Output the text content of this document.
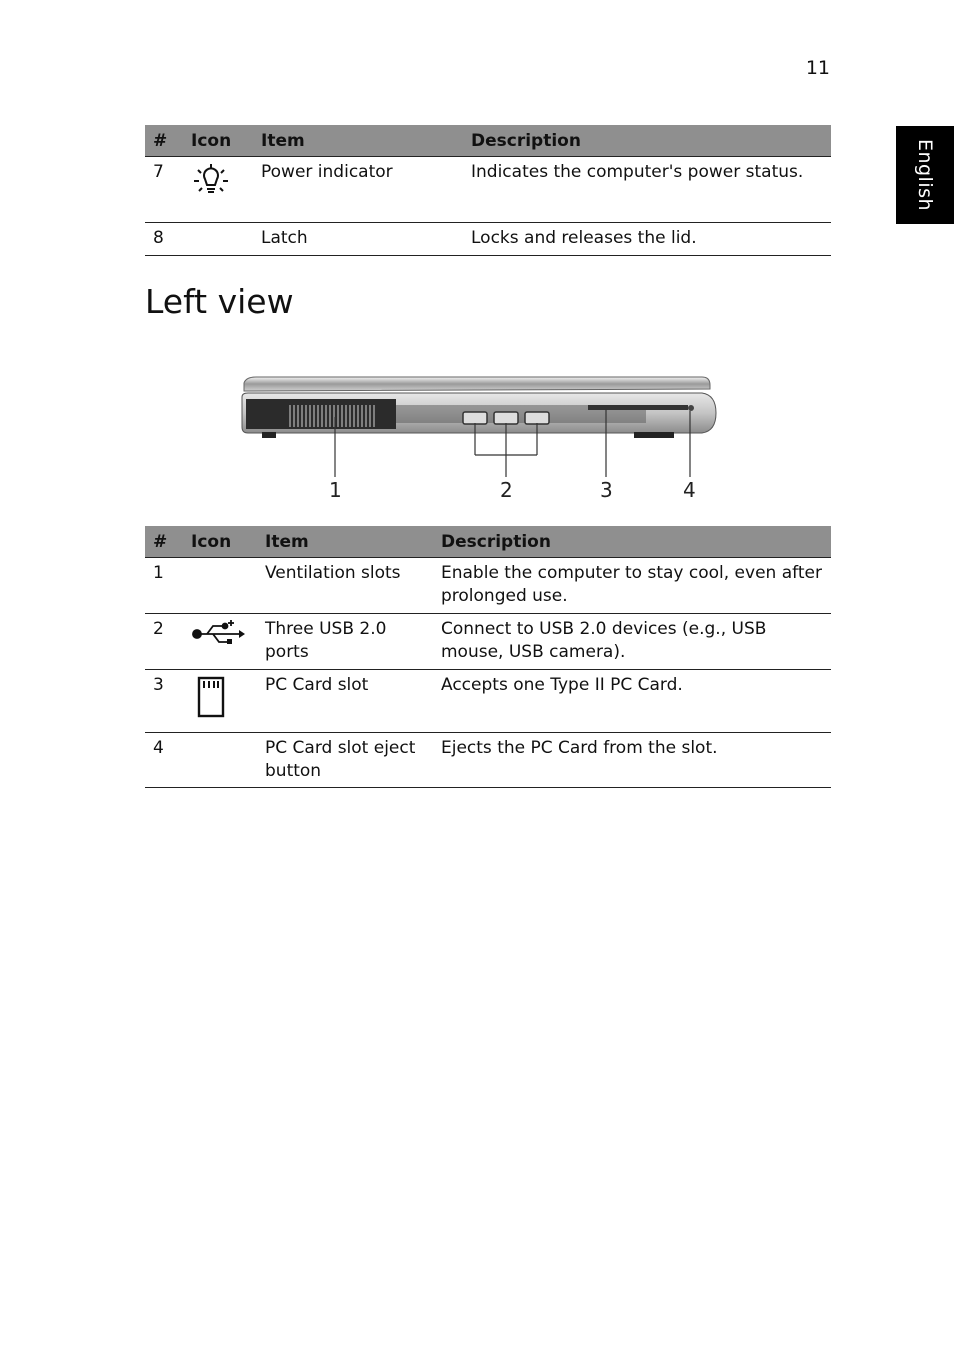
11
English
#	Icon	Item	Description
7		Power indicator	Indicates the computer's power status.
8		Latch	Locks and releases the lid.
Left view
1	2	3	4
#	Icon	Item	Description
1		Ventilation slots	Enable the computer to stay cool, even after prolonged use.
2		Three USB 2.0 ports	Connect to USB 2.0 devices (e.g., USB mouse, USB camera).
3		PC Card slot	Accepts one Type II PC Card.
4		PC Card slot eject button	Ejects the PC Card from the slot.
